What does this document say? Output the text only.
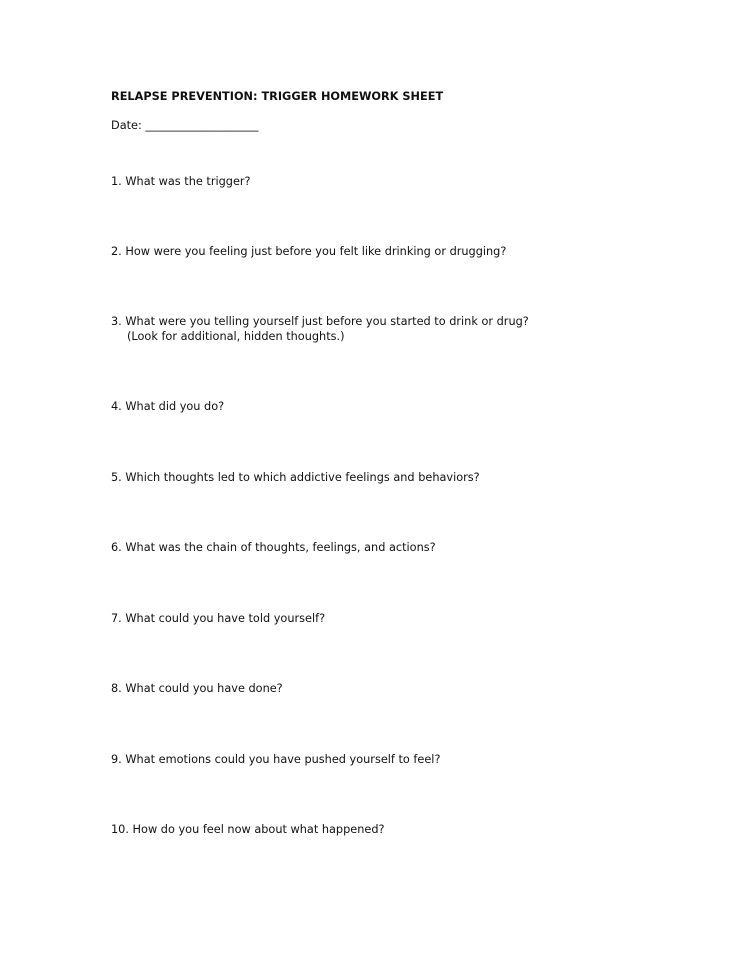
RELAPSE PREVENTION: TRIGGER HOMEWORK SHEET
Date: ____________________
1. What was the trigger?
2. How were you feeling just before you felt like drinking or drugging?
3. What were you telling yourself just before you started to drink or drug?
(Look for additional, hidden thoughts.)
4. What did you do?
5. Which thoughts led to which addictive feelings and behaviors?
6. What was the chain of thoughts, feelings, and actions?
7. What could you have told yourself?
8. What could you have done?
9. What emotions could you have pushed yourself to feel?
10. How do you feel now about what happened?
